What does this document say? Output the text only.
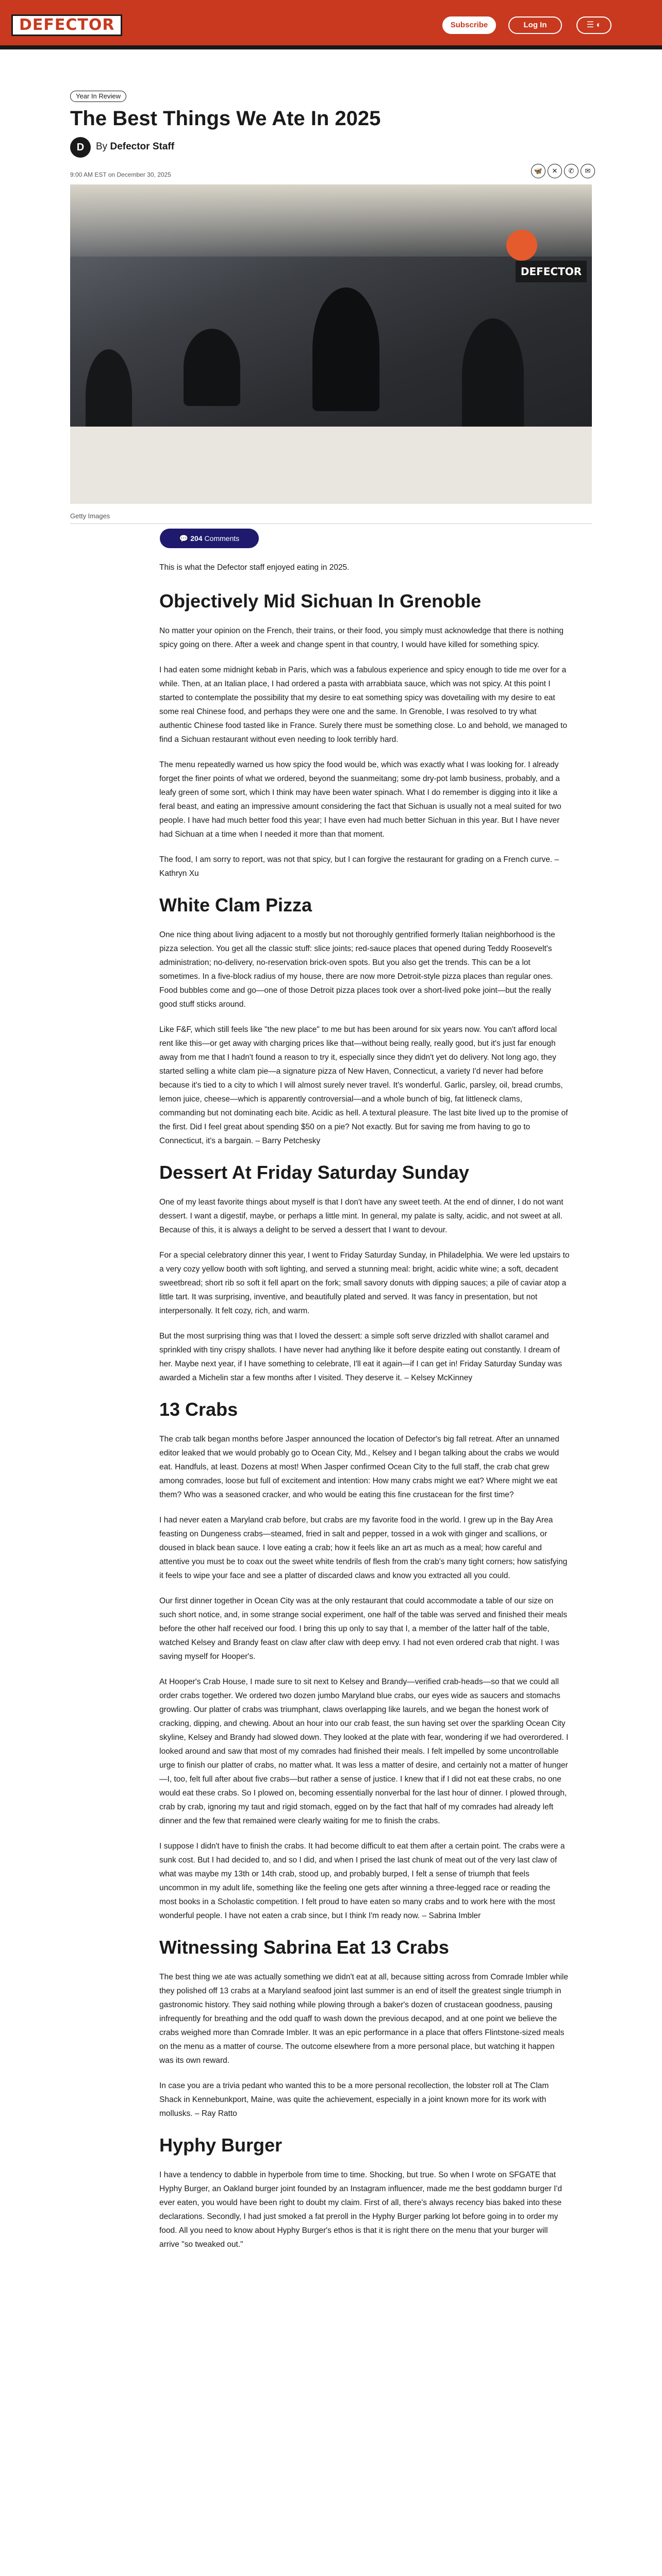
DEFECTOR	Subscribe	Log In	☰ ◐
Year In Review
The Best Things We Ate In 2025
D	By Defector Staff
9:00 AM EST on December 30, 2025	🦋	✕	✆	✉
DEFECTOR
Getty Images
💬 204 Comments

This is what the Defector staff enjoyed eating in 2025.

Objectively Mid Sichuan In Grenoble

No matter your opinion on the French, their trains, or their food, you simply must acknowledge that there is nothing spicy going on there. After a week and change spent in that country, I would have killed for something spicy.

I had eaten some midnight kebab in Paris, which was a fabulous experience and spicy enough to tide me over for a while. Then, at an Italian place, I had ordered a pasta with arrabbiata sauce, which was not spicy. At this point I started to contemplate the possibility that my desire to eat something spicy was dovetailing with my desire to eat some real Chinese food, and perhaps they were one and the same. In Grenoble, I was resolved to try what authentic Chinese food tasted like in France. Surely there must be something close. Lo and behold, we managed to find a Sichuan restaurant without even needing to look terribly hard.

The menu repeatedly warned us how spicy the food would be, which was exactly what I was looking for. I already forget the finer points of what we ordered, beyond the suanmeitang; some dry-pot lamb business, probably, and a leafy green of some sort, which I think may have been water spinach. What I do remember is digging into it like a feral beast, and eating an impressive amount considering the fact that Sichuan is usually not a meal suited for two people. I have had much better food this year; I have even had much better Sichuan in this year. But I have never had Sichuan at a time when I needed it more than that moment.

The food, I am sorry to report, was not that spicy, but I can forgive the restaurant for grading on a French curve. – Kathryn Xu

White Clam Pizza

One nice thing about living adjacent to a mostly but not thoroughly gentrified formerly Italian neighborhood is the pizza selection. You get all the classic stuff: slice joints; red-sauce places that opened during Teddy Roosevelt's administration; no-delivery, no-reservation brick-oven spots. But you also get the trends. This can be a lot sometimes. In a five-block radius of my house, there are now more Detroit-style pizza places than regular ones. Food bubbles come and go—one of those Detroit pizza places took over a short-lived poke joint—but the really good stuff sticks around.

Like F&F, which still feels like "the new place" to me but has been around for six years now. You can't afford local rent like this—or get away with charging prices like that—without being really, really good, but it's just far enough away from me that I hadn't found a reason to try it, especially since they didn't yet do delivery. Not long ago, they started selling a white clam pie—a signature pizza of New Haven, Connecticut, a variety I'd never had before because it's tied to a city to which I will almost surely never travel. It's wonderful. Garlic, parsley, oil, bread crumbs, lemon juice, cheese—which is apparently controversial—and a whole bunch of big, fat littleneck clams, commanding but not dominating each bite. Acidic as hell. A textural pleasure. The last bite lived up to the promise of the first. Did I feel great about spending $50 on a pie? Not exactly. But for saving me from having to go to Connecticut, it's a bargain. – Barry Petchesky

Dessert At Friday Saturday Sunday

One of my least favorite things about myself is that I don't have any sweet teeth. At the end of dinner, I do not want dessert. I want a digestif, maybe, or perhaps a little mint. In general, my palate is salty, acidic, and not sweet at all. Because of this, it is always a delight to be served a dessert that I want to devour.

For a special celebratory dinner this year, I went to Friday Saturday Sunday, in Philadelphia. We were led upstairs to a very cozy yellow booth with soft lighting, and served a stunning meal: bright, acidic white wine; a soft, decadent sweetbread; short rib so soft it fell apart on the fork; small savory donuts with dipping sauces; a pile of caviar atop a little tart. It was surprising, inventive, and beautifully plated and served. It was fancy in presentation, but not interpersonally. It felt cozy, rich, and warm.

But the most surprising thing was that I loved the dessert: a simple soft serve drizzled with shallot caramel and sprinkled with tiny crispy shallots. I have never had anything like it before despite eating out constantly. I dream of her. Maybe next year, if I have something to celebrate, I'll eat it again—if I can get in! Friday Saturday Sunday was awarded a Michelin star a few months after I visited. They deserve it. – Kelsey McKinney

13 Crabs

The crab talk began months before Jasper announced the location of Defector's big fall retreat. After an unnamed editor leaked that we would probably go to Ocean City, Md., Kelsey and I began talking about the crabs we would eat. Handfuls, at least. Dozens at most! When Jasper confirmed Ocean City to the full staff, the crab chat grew among comrades, loose but full of excitement and intention: How many crabs might we eat? Where might we eat them? Who was a seasoned cracker, and who would be eating this fine crustacean for the first time?

I had never eaten a Maryland crab before, but crabs are my favorite food in the world. I grew up in the Bay Area feasting on Dungeness crabs—steamed, fried in salt and pepper, tossed in a wok with ginger and scallions, or doused in black bean sauce. I love eating a crab; how it feels like an art as much as a meal; how careful and attentive you must be to coax out the sweet white tendrils of flesh from the crab's many tight corners; how satisfying it feels to wipe your face and see a platter of discarded claws and know you extracted all you could.

Our first dinner together in Ocean City was at the only restaurant that could accommodate a table of our size on such short notice, and, in some strange social experiment, one half of the table was served and finished their meals before the other half received our food. I bring this up only to say that I, a member of the latter half of the table, watched Kelsey and Brandy feast on claw after claw with deep envy. I had not even ordered crab that night. I was saving myself for Hooper's.

At Hooper's Crab House, I made sure to sit next to Kelsey and Brandy—verified crab-heads—so that we could all order crabs together. We ordered two dozen jumbo Maryland blue crabs, our eyes wide as saucers and stomachs growling. Our platter of crabs was triumphant, claws overlapping like laurels, and we began the honest work of cracking, dipping, and chewing. About an hour into our crab feast, the sun having set over the sparkling Ocean City skyline, Kelsey and Brandy had slowed down. They looked at the plate with fear, wondering if we had overordered. I looked around and saw that most of my comrades had finished their meals. I felt impelled by some uncontrollable urge to finish our platter of crabs, no matter what. It was less a matter of desire, and certainly not a matter of hunger—I, too, felt full after about five crabs—but rather a sense of justice. I knew that if I did not eat these crabs, no one would eat these crabs. So I plowed on, becoming essentially nonverbal for the last hour of dinner. I plowed through, crab by crab, ignoring my taut and rigid stomach, egged on by the fact that half of my comrades had already left dinner and the few that remained were clearly waiting for me to finish the crabs.

I suppose I didn't have to finish the crabs. It had become difficult to eat them after a certain point. The crabs were a sunk cost. But I had decided to, and so I did, and when I prised the last chunk of meat out of the very last claw of what was maybe my 13th or 14th crab, stood up, and probably burped, I felt a sense of triumph that feels uncommon in my adult life, something like the feeling one gets after winning a three-legged race or reading the most books in a Scholastic competition. I felt proud to have eaten so many crabs and to work here with the most wonderful people. I have not eaten a crab since, but I think I'm ready now. – Sabrina Imbler

Witnessing Sabrina Eat 13 Crabs

The best thing we ate was actually something we didn't eat at all, because sitting across from Comrade Imbler while they polished off 13 crabs at a Maryland seafood joint last summer is an end of itself the greatest single triumph in gastronomic history. They said nothing while plowing through a baker's dozen of crustacean goodness, pausing infrequently for breathing and the odd quaff to wash down the previous decapod, and at one point we believe the crabs weighed more than Comrade Imbler. It was an epic performance in a place that offers Flintstone-sized meals on the menu as a matter of course. The outcome elsewhere from a more personal place, but watching it happen was its own reward.

In case you are a trivia pedant who wanted this to be a more personal recollection, the lobster roll at The Clam Shack in Kennebunkport, Maine, was quite the achievement, especially in a joint known more for its work with mollusks. – Ray Ratto

Hyphy Burger

I have a tendency to dabble in hyperbole from time to time. Shocking, but true. So when I wrote on SFGATE that Hyphy Burger, an Oakland burger joint founded by an Instagram influencer, made me the best goddamn burger I'd ever eaten, you would have been right to doubt my claim. First of all, there's always recency bias baked into these declarations. Secondly, I had just smoked a fat preroll in the Hyphy Burger parking lot before going in to order my food. All you need to know about Hyphy Burger's ethos is that it is right there on the menu that your burger will arrive "so tweaked out."
